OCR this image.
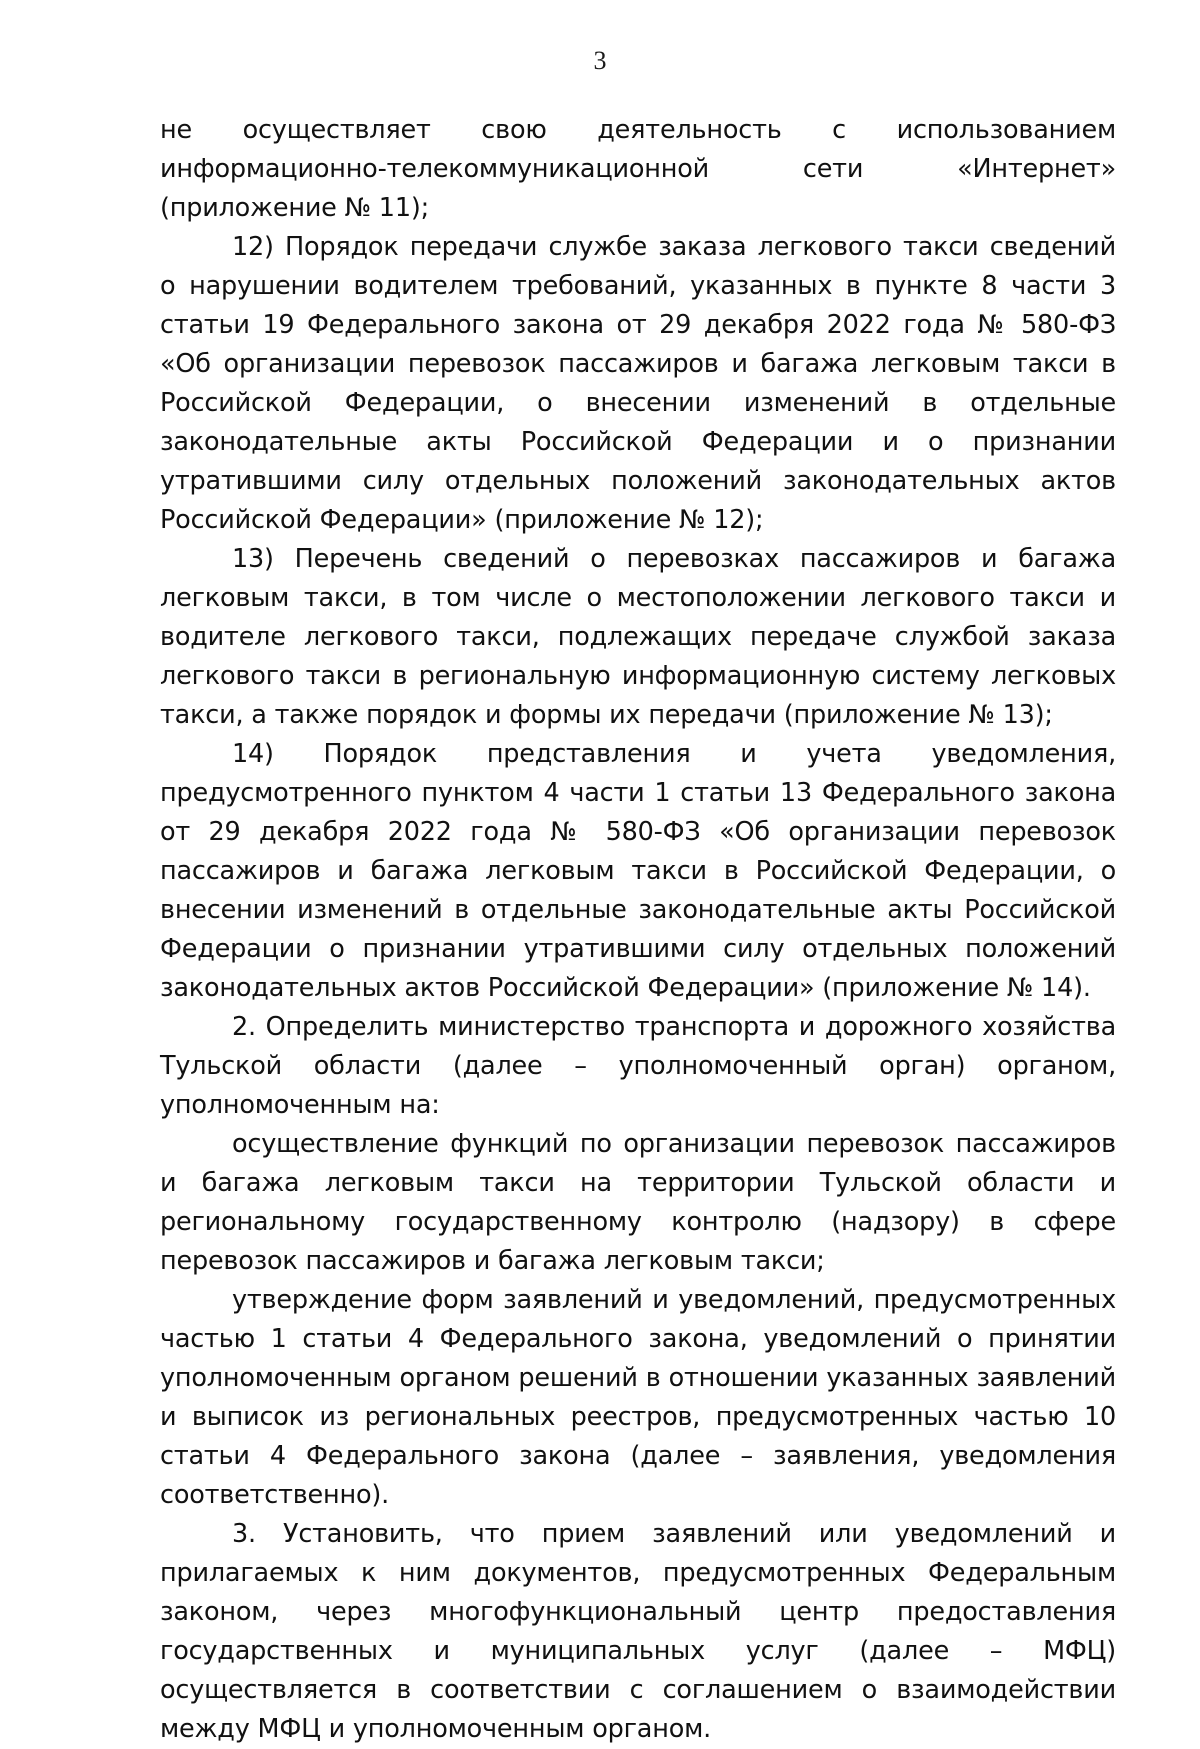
3

не осуществляет свою деятельность с использованием информационно-телекоммуникационной сети «Интернет» (приложение № 11);

12) Порядок передачи службе заказа легкового такси сведений о нарушении водителем требований, указанных в пункте 8 части 3 статьи 19 Федерального закона от 29 декабря 2022 года № 580-ФЗ «Об организации перевозок пассажиров и багажа легковым такси в Российской Федерации, о внесении изменений в отдельные законодательные акты Российской Федерации и о признании утратившими силу отдельных положений законодательных актов Российской Федерации» (приложение № 12);

13) Перечень сведений о перевозках пассажиров и багажа легковым такси, в том числе о местоположении легкового такси и водителе легкового такси, подлежащих передаче службой заказа легкового такси в региональную информационную систему легковых такси, а также порядок и формы их передачи (приложение № 13);

14) Порядок представления и учета уведомления, предусмотренного пунктом 4 части 1 статьи 13 Федерального закона от 29 декабря 2022 года № 580-ФЗ «Об организации перевозок пассажиров и багажа легковым такси в Российской Федерации, о внесении изменений в отдельные законодательные акты Российской Федерации о признании утратившими силу отдельных положений законодательных актов Российской Федерации» (приложение № 14).

2. Определить министерство транспорта и дорожного хозяйства Тульской области (далее – уполномоченный орган) органом, уполномоченным на:

осуществление функций по организации перевозок пассажиров и багажа легковым такси на территории Тульской области и региональному государственному контролю (надзору) в сфере перевозок пассажиров и багажа легковым такси;

утверждение форм заявлений и уведомлений, предусмотренных частью 1 статьи 4 Федерального закона, уведомлений о принятии уполномоченным органом решений в отношении указанных заявлений и выписок из региональных реестров, предусмотренных частью 10 статьи 4 Федерального закона (далее – заявления, уведомления соответственно).

3. Установить, что прием заявлений или уведомлений и прилагаемых к ним документов, предусмотренных Федеральным законом, через многофункциональный центр предоставления государственных и муниципальных услуг (далее – МФЦ) осуществляется в соответствии с соглашением о взаимодействии между МФЦ и уполномоченным органом.
